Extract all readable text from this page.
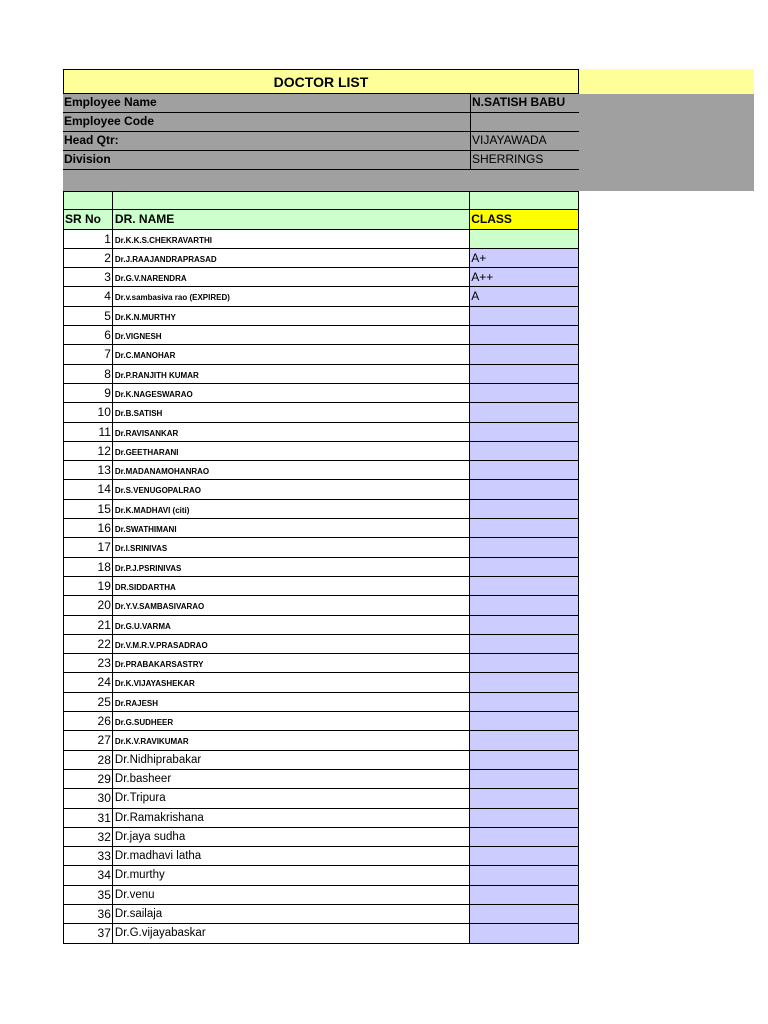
DOCTOR LIST
Employee Name	N.SATISH BABU
Employee Code
Head Qtr:	VIJAYAWADA
Division	SHERRINGS
SR No	DR. NAME	CLASS
1 Dr.K.K.S.CHEKRAVARTHI
2 Dr.J.RAAJANDRAPRASAD	A+
3 Dr.G.V.NARENDRA	A++
4 Dr.v.sambasiva rao (EXPIRED)	A
5 Dr.K.N.MURTHY
6 Dr.VIGNESH
7 Dr.C.MANOHAR
8 Dr.P.RANJITH KUMAR
9 Dr.K.NAGESWARAO
10 Dr.B.SATISH
11 Dr.RAVISANKAR
12 Dr.GEETHARANI
13 Dr.MADANAMOHANRAO
14 Dr.S.VENUGOPALRAO
15 Dr.K.MADHAVI (citi)
16 Dr.SWATHIMANI
17 Dr.I.SRINIVAS
18 Dr.P.J.PSRINIVAS
19 DR.SIDDARTHA
20 Dr.Y.V.SAMBASIVARAO
21 Dr.G.U.VARMA
22 Dr.V.M.R.V.PRASADRAO
23 Dr.PRABAKARSASTRY
24 Dr.K.VIJAYASHEKAR
25 Dr.RAJESH
26 Dr.G.SUDHEER
27 Dr.K.V.RAVIKUMAR
28 Dr.Nidhiprabakar
29 Dr.basheer
30 Dr.Tripura
31 Dr.Ramakrishana
32 Dr.jaya sudha
33 Dr.madhavi latha
34 Dr.murthy
35 Dr.venu
36 Dr.sailaja
37 Dr.G.vijayabaskar
